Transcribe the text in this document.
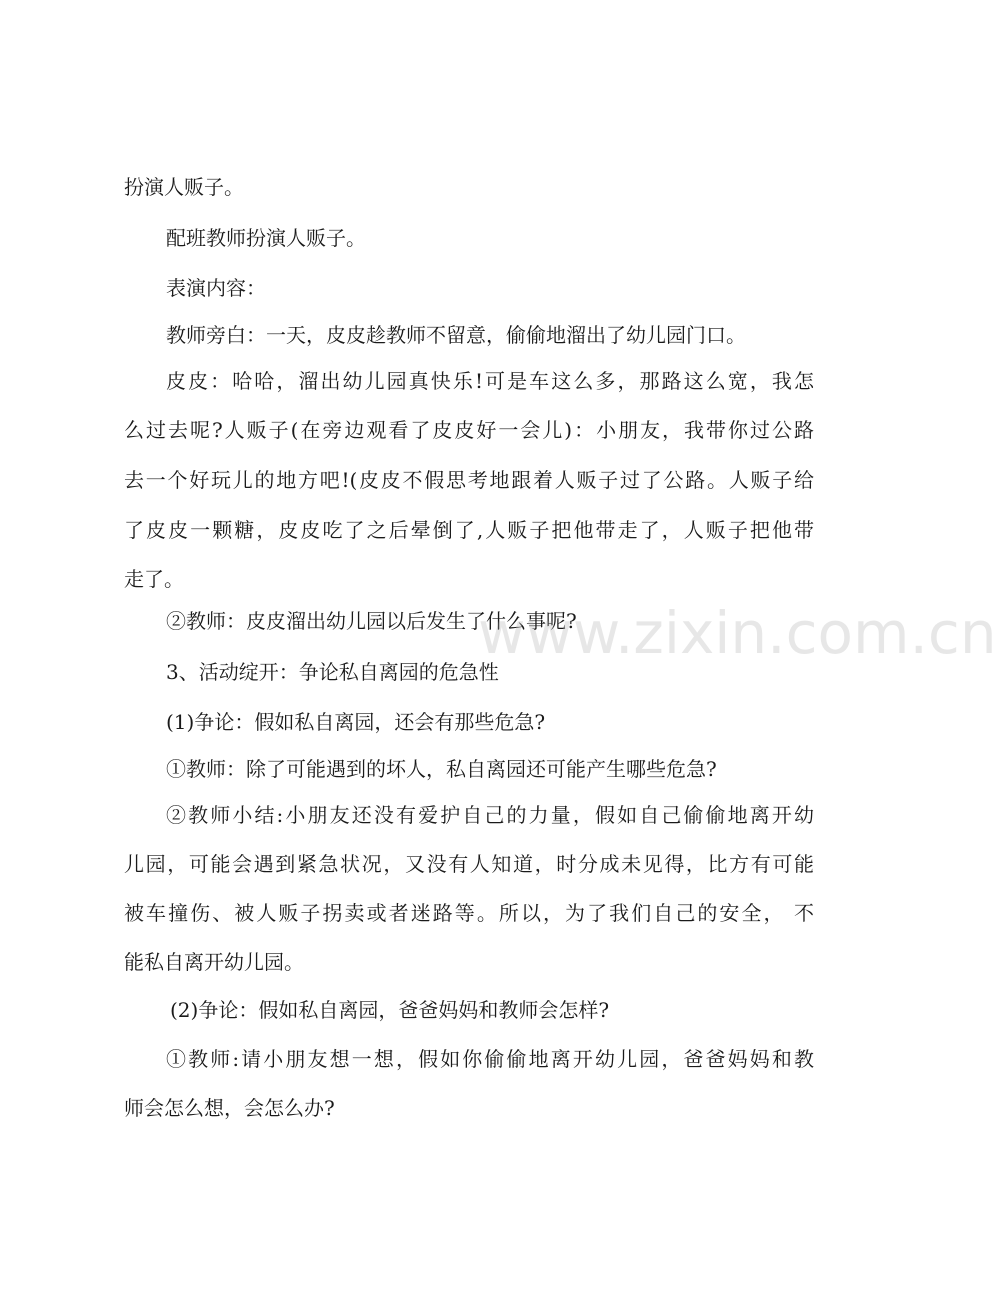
扮演人贩子。
配班教师扮演人贩子。
表演内容：
教师旁白：一天，皮皮趁教师不留意，偷偷地溜出了幼儿园门口。
皮皮：哈哈，溜出幼儿园真快乐!可是车这么多，那路这么宽，我怎
么过去呢?人贩子(在旁边观看了皮皮好一会儿)：小朋友，我带你过公路
去一个好玩儿的地方吧!(皮皮不假思考地跟着人贩子过了公路。人贩子给
了皮皮一颗糖，皮皮吃了之后晕倒了,人贩子把他带走了，人贩子把他带
走了。
②教师：皮皮溜出幼儿园以后发生了什么事呢?
3、活动绽开：争论私自离园的危急性
(1)争论：假如私自离园，还会有那些危急?
①教师：除了可能遇到的坏人，私自离园还可能产生哪些危急?
②教师小结:小朋友还没有爱护自己的力量，假如自己偷偷地离开幼
儿园，可能会遇到紧急状况，又没有人知道，时分成未见得，比方有可能
被车撞伤、被人贩子拐卖或者迷路等。所以，为了我们自己的安全， 不
能私自离开幼儿园。
(2)争论：假如私自离园，爸爸妈妈和教师会怎样?
①教师:请小朋友想一想，假如你偷偷地离开幼儿园，爸爸妈妈和教
师会怎么想，会怎么办?
www.zixin.com.cn
